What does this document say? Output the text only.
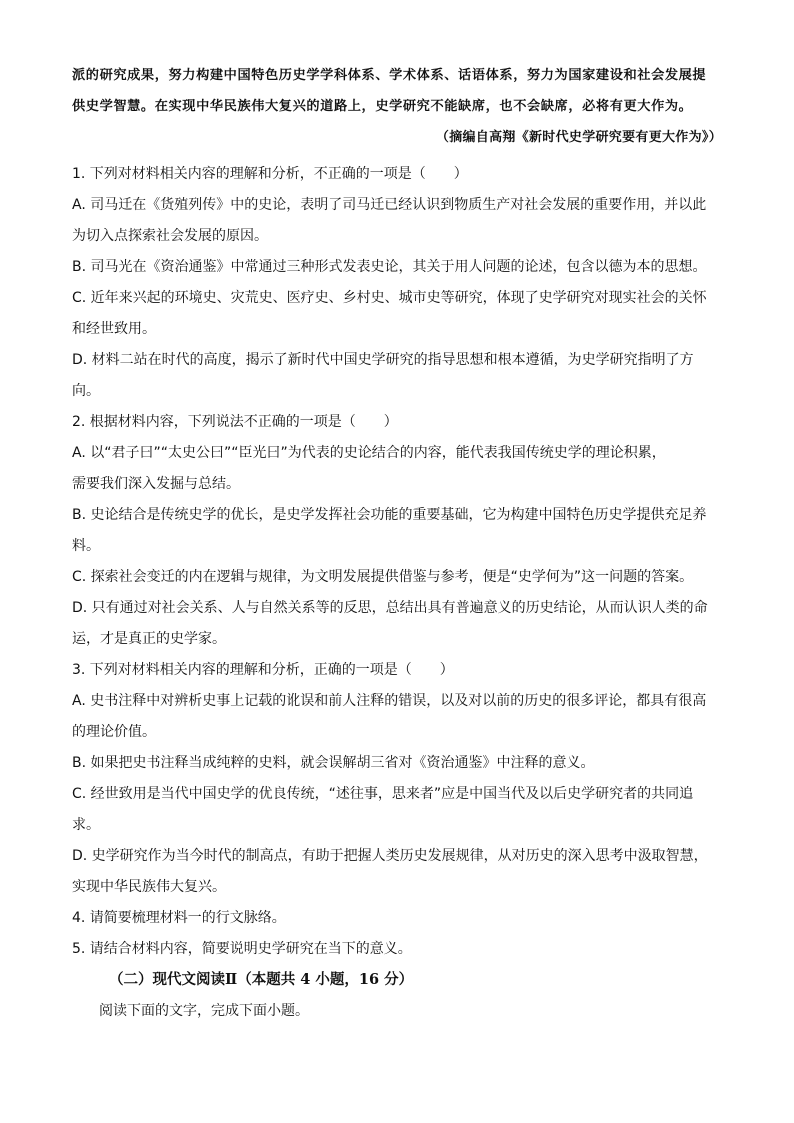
派的研究成果，努力构建中国特色历史学学科体系、学术体系、话语体系，努力为国家建设和社会发展提
供史学智慧。在实现中华民族伟大复兴的道路上，史学研究不能缺席，也不会缺席，必将有更大作为。
（摘编自高翔《新时代史学研究要有更大作为》）
1. 下列对材料相关内容的理解和分析，不正确的一项是（　　）
A. 司马迁在《货殖列传》中的史论，表明了司马迁已经认识到物质生产对社会发展的重要作用，并以此
为切入点探索社会发展的原因。
B. 司马光在《资治通鉴》中常通过三种形式发表史论，其关于用人问题的论述，包含以德为本的思想。
C. 近年来兴起的环境史、灾荒史、医疗史、乡村史、城市史等研究，体现了史学研究对现实社会的关怀
和经世致用。
D. 材料二站在时代的高度，揭示了新时代中国史学研究的指导思想和根本遵循，为史学研究指明了方
向。
2. 根据材料内容，下列说法不正确的一项是（　　）
A. 以“君子曰”“太史公曰”“臣光曰”为代表的史论结合的内容，能代表我国传统史学的理论积累，
需要我们深入发掘与总结。
B. 史论结合是传统史学的优长，是史学发挥社会功能的重要基础，它为构建中国特色历史学提供充足养
料。
C. 探索社会变迁的内在逻辑与规律，为文明发展提供借鉴与参考，便是“史学何为”这一问题的答案。
D. 只有通过对社会关系、人与自然关系等的反思，总结出具有普遍意义的历史结论，从而认识人类的命
运，才是真正的史学家。
3. 下列对材料相关内容的理解和分析，正确的一项是（　　）
A. 史书注释中对辨析史事上记载的讹误和前人注释的错误，以及对以前的历史的很多评论，都具有很高
的理论价值。
B. 如果把史书注释当成纯粹的史料，就会误解胡三省对《资治通鉴》中注释的意义。
C. 经世致用是当代中国史学的优良传统，“述往事，思来者”应是中国当代及以后史学研究者的共同追
求。
D. 史学研究作为当今时代的制高点，有助于把握人类历史发展规律，从对历史的深入思考中汲取智慧，
实现中华民族伟大复兴。
4. 请简要梳理材料一的行文脉络。
5. 请结合材料内容，简要说明史学研究在当下的意义。
（二）现代文阅读Ⅱ（本题共 4 小题，16 分）
阅读下面的文字，完成下面小题。
